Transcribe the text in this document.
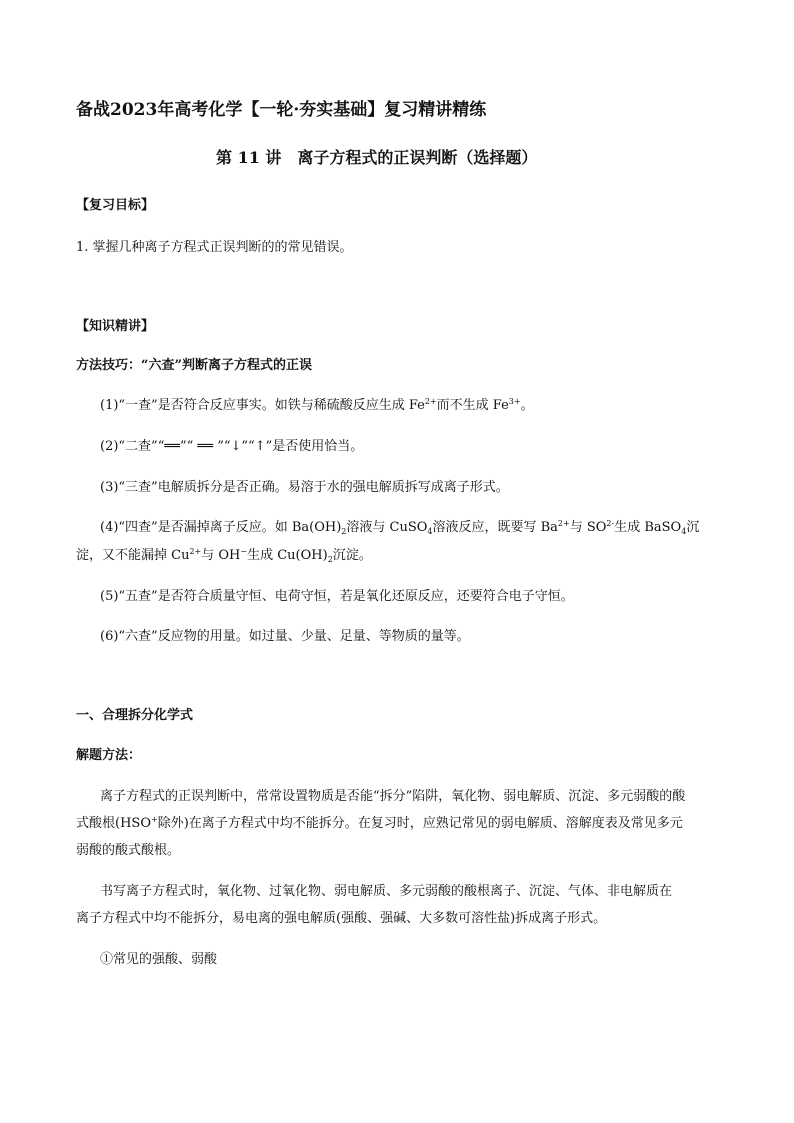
备战2023年高考化学【一轮·夯实基础】复习精讲精练
第 11 讲　离子方程式的正误判断（选择题）
【复习目标】
1. 掌握几种离子方程式正误判断的的常见错误。
【知识精讲】
方法技巧：“六查”判断离子方程式的正误
(1)“一查”是否符合反应事实。如铁与稀硫酸反应生成 $Fe^{2+}$而不生成 $Fe^{3+}$。
(2)“二查”“══”“ ══ ”“↓”“↑”是否使用恰当。
(3)“三查”电解质拆分是否正确。易溶于水的强电解质拆写成离子形式。
(4)“四查”是否漏掉离子反应。如 $Ba(OH)_2$溶液与 CuSO$_4$溶液反应，既要写 $Ba^{2+}$与 $SO^{2-}$生成 BaSO$_4$沉
淀，又不能漏掉 $Cu^{2+}$与 OH−生成 $Cu(OH)_2$沉淀。
(5)“五查”是否符合质量守恒、电荷守恒，若是氧化还原反应，还要符合电子守恒。
(6)“六查”反应物的用量。如过量、少量、足量、等物质的量等。
一、合理拆分化学式
解题方法：
离子方程式的正误判断中，常常设置物质是否能“拆分”陷阱，氧化物、弱电解质、沉淀、多元弱酸的酸
式酸根(HSO+除外)在离子方程式中均不能拆分。在复习时，应熟记常见的弱电解质、溶解度表及常见多元
弱酸的酸式酸根。
书写离子方程式时，氧化物、过氧化物、弱电解质、多元弱酸的酸根离子、沉淀、气体、非电解质在
离子方程式中均不能拆分，易电离的强电解质(强酸、强碱、大多数可溶性盐)拆成离子形式。
①常见的强酸、弱酸
